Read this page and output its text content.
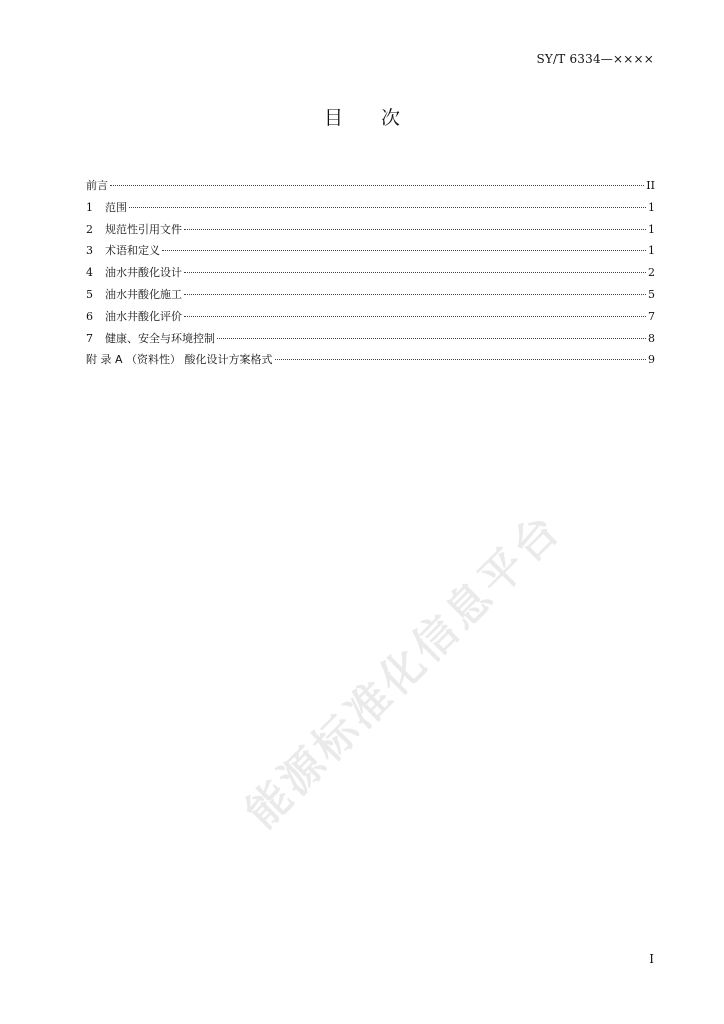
SY/T 6334—××××
目 次
前言	II
1	范围	1
2	规范性引用文件	1
3	术语和定义	1
4	油水井酸化设计	2
5	油水井酸化施工	5
6	油水井酸化评价	7
7	健康、安全与环境控制	8
附 录 A （资料性） 酸化设计方案格式	9
能源标准化信息平台
I
